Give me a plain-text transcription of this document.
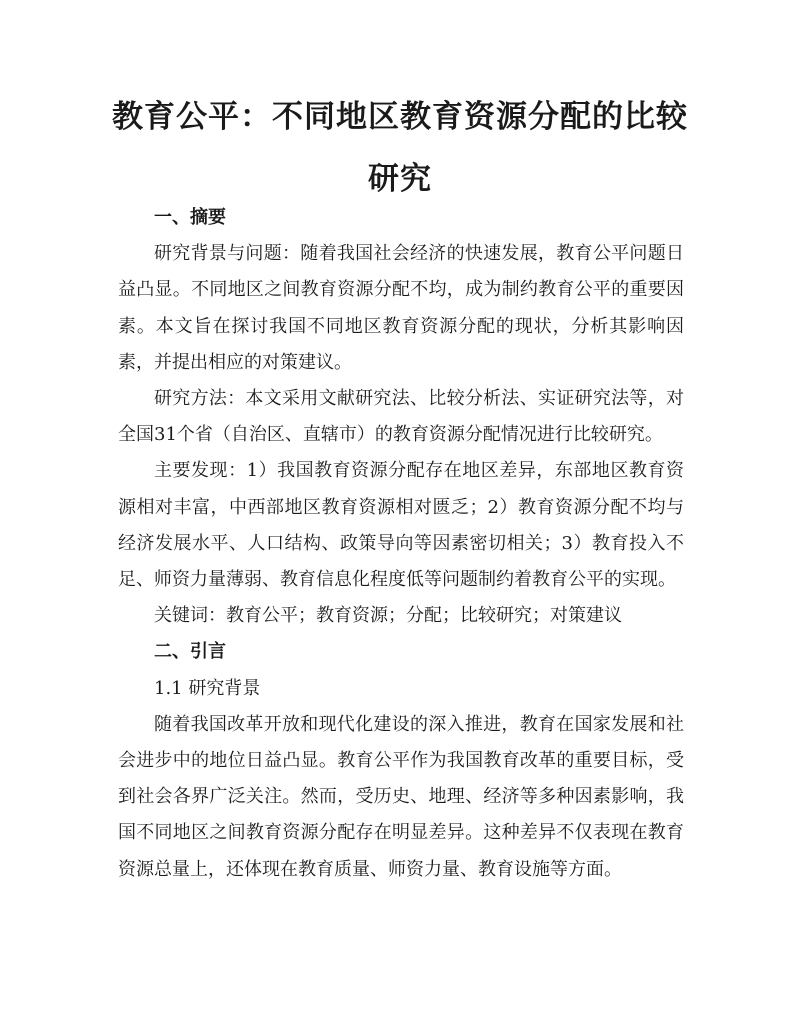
教育公平：不同地区教育资源分配的比较研究
一、摘要

研究背景与问题：随着我国社会经济的快速发展，教育公平问题日益凸显。不同地区之间教育资源分配不均，成为制约教育公平的重要因素。本文旨在探讨我国不同地区教育资源分配的现状，分析其影响因素，并提出相应的对策建议。

研究方法：本文采用文献研究法、比较分析法、实证研究法等，对全国31个省（自治区、直辖市）的教育资源分配情况进行比较研究。

主要发现：1）我国教育资源分配存在地区差异，东部地区教育资源相对丰富，中西部地区教育资源相对匮乏；2）教育资源分配不均与经济发展水平、人口结构、政策导向等因素密切相关；3）教育投入不足、师资力量薄弱、教育信息化程度低等问题制约着教育公平的实现。

关键词：教育公平；教育资源；分配；比较研究；对策建议

二、引言

1.1 研究背景

随着我国改革开放和现代化建设的深入推进，教育在国家发展和社会进步中的地位日益凸显。教育公平作为我国教育改革的重要目标，受到社会各界广泛关注。然而，受历史、地理、经济等多种因素影响，我国不同地区之间教育资源分配存在明显差异。这种差异不仅表现在教育资源总量上，还体现在教育质量、师资力量、教育设施等方面。
